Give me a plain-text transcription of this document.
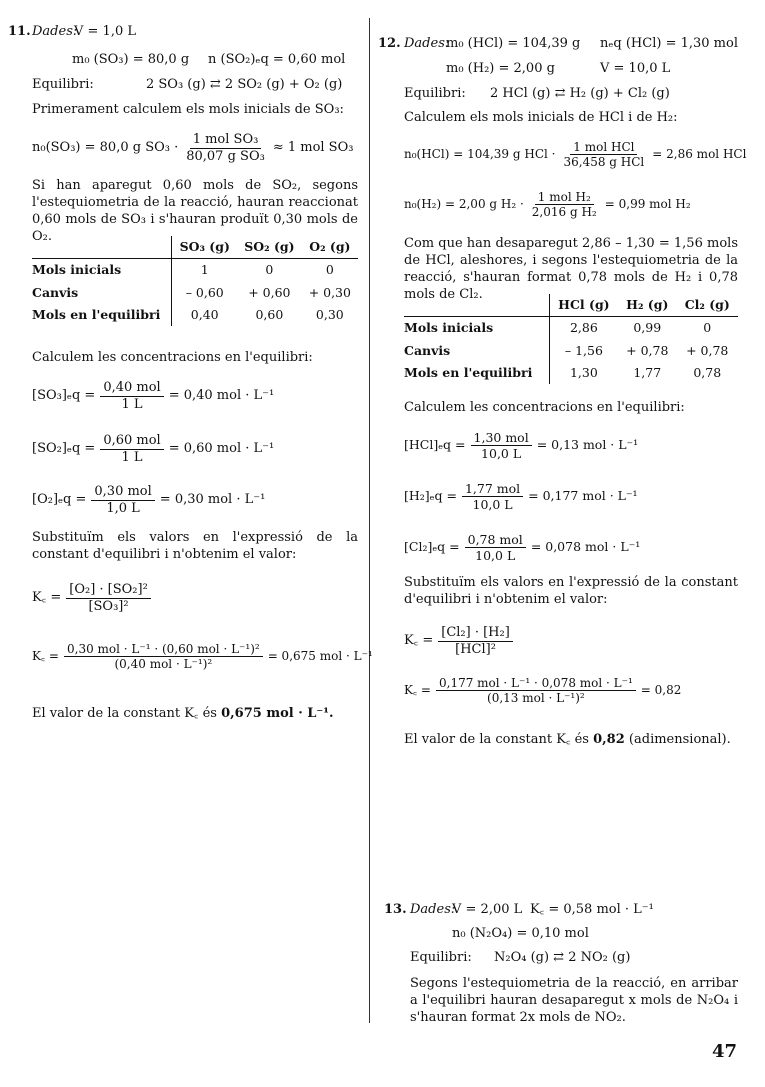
11. Dades:
V = 1,0 L
m₀ (SO₃) = 80,0 g n (SO₂)ₑq = 0,60 mol
Equilibri:	2 SO₃ (g) ⇄ 2 SO₂ (g) + O₂ (g)
Primerament calculem els mols inicials de SO₃:
n₀(SO₃) = 80,0 g $SO_3 \cdot \frac{\text{1 mol SO₃}}{\text{80,07 g SO₃}} \approx 1$ mol SO₃
Si han aparegut 0,60 mols de SO₂, segons l'estequiometria de la reacció, hauran reaccionat 0,60 mols de SO₃ i s'hauran produït 0,30 mols de O₂.
	SO₃ (g)	SO₂ (g)	O₂ (g)
Mols inicials	1	0	0
Canvis	– 0,60	+ 0,60	+ 0,30
Mols en l'equilibri	0,40	0,60	0,30
Calculem les concentracions en l'equilibri:
$[SO_3]_eq = \frac{\text{0,40 mol}}{1 L} = 0,40$ mol · L⁻¹
$[SO_2]_eq = \frac{\text{0,60 mol}}{1 L} = 0,60$ mol · L⁻¹
$[O_2]_eq = \frac{\text{0,30 mol}}{1,0 L} = 0,30$ mol · L⁻¹
Substituïm els valors en l'expressió de la constant d'equilibri i n'obtenim el valor:
K꜀ = $\frac{\text{[O₂] · [SO₂]²}}{\text{[SO₃]²}}$
K꜀ = $\frac{\text{0,30 mol · L⁻¹ · (0,60 mol · L⁻¹)²}}{\text{(0,40 mol · L⁻¹)²}} = 0,675$ mol · L⁻¹
El valor de la constant K꜀ és 0,675 mol · L⁻¹.
12. Dades:
m₀ (HCl) = 104,39 g nₑq (HCl) = 1,30 mol
m₀ (H₂) = 2,00 g	V = 10,0 L
Equilibri: 2 HCl (g) ⇄ H₂ (g) + Cl₂ (g)
Calculem els mols inicials de HCl i de H₂:
n₀(HCl) = 104,39 g HCl · $\frac{\text{1 mol HCl}}{\text{36,458 g HCl}} = 2,86$ mol HCl
n₀(H₂) = 2,00 g $H_2 \cdot \frac{\text{1 mol H₂}}{\text{2,016 g H₂}} = 0,99$ mol H₂
Com que han desaparegut 2,86 – 1,30 = 1,56 mols de HCl, aleshores, i segons l'estequiometria de la reacció, s'hauran format 0,78 mols de H₂ i 0,78 mols de Cl₂.
	HCl (g)	H₂ (g)	Cl₂ (g)
Mols inicials	2,86	0,99	0
Canvis	– 1,56	+ 0,78	+ 0,78
Mols en l'equilibri	1,30	1,77	0,78
Calculem les concentracions en l'equilibri:
$[HCl]_eq = \frac{\text{1,30 mol}}{10,0 L} = 0,13$ mol · L⁻¹
$[H_2]_eq = \frac{\text{1,77 mol}}{10,0 L} = 0,177$ mol · L⁻¹
$[Cl_2]_eq = \frac{\text{0,78 mol}}{10,0 L} = 0,078$ mol · L⁻¹
Substituïm els valors en l'expressió de la constant d'equilibri i n'obtenim el valor:
K꜀ = $\frac{\text{[Cl₂] · [H₂]}}{\text{[HCl]²}}$
K꜀ = $\frac{\text{0,177 mol · L⁻¹ · 0,078 mol · L⁻¹}}{\text{(0,13 mol · L⁻¹)²}} = 0,82$
El valor de la constant K꜀ és 0,82 (adimensional).
13. Dades:
V = 2,00 L K꜀ = 0,58 mol · L⁻¹
n₀ (N₂O₄) = 0,10 mol
Equilibri: N₂O₄ (g) ⇄ 2 NO₂ (g)
Segons l'estequiometria de la reacció, en arribar a l'equilibri hauran desaparegut x mols de N₂O₄ i s'hauran format 2x mols de NO₂.
47
